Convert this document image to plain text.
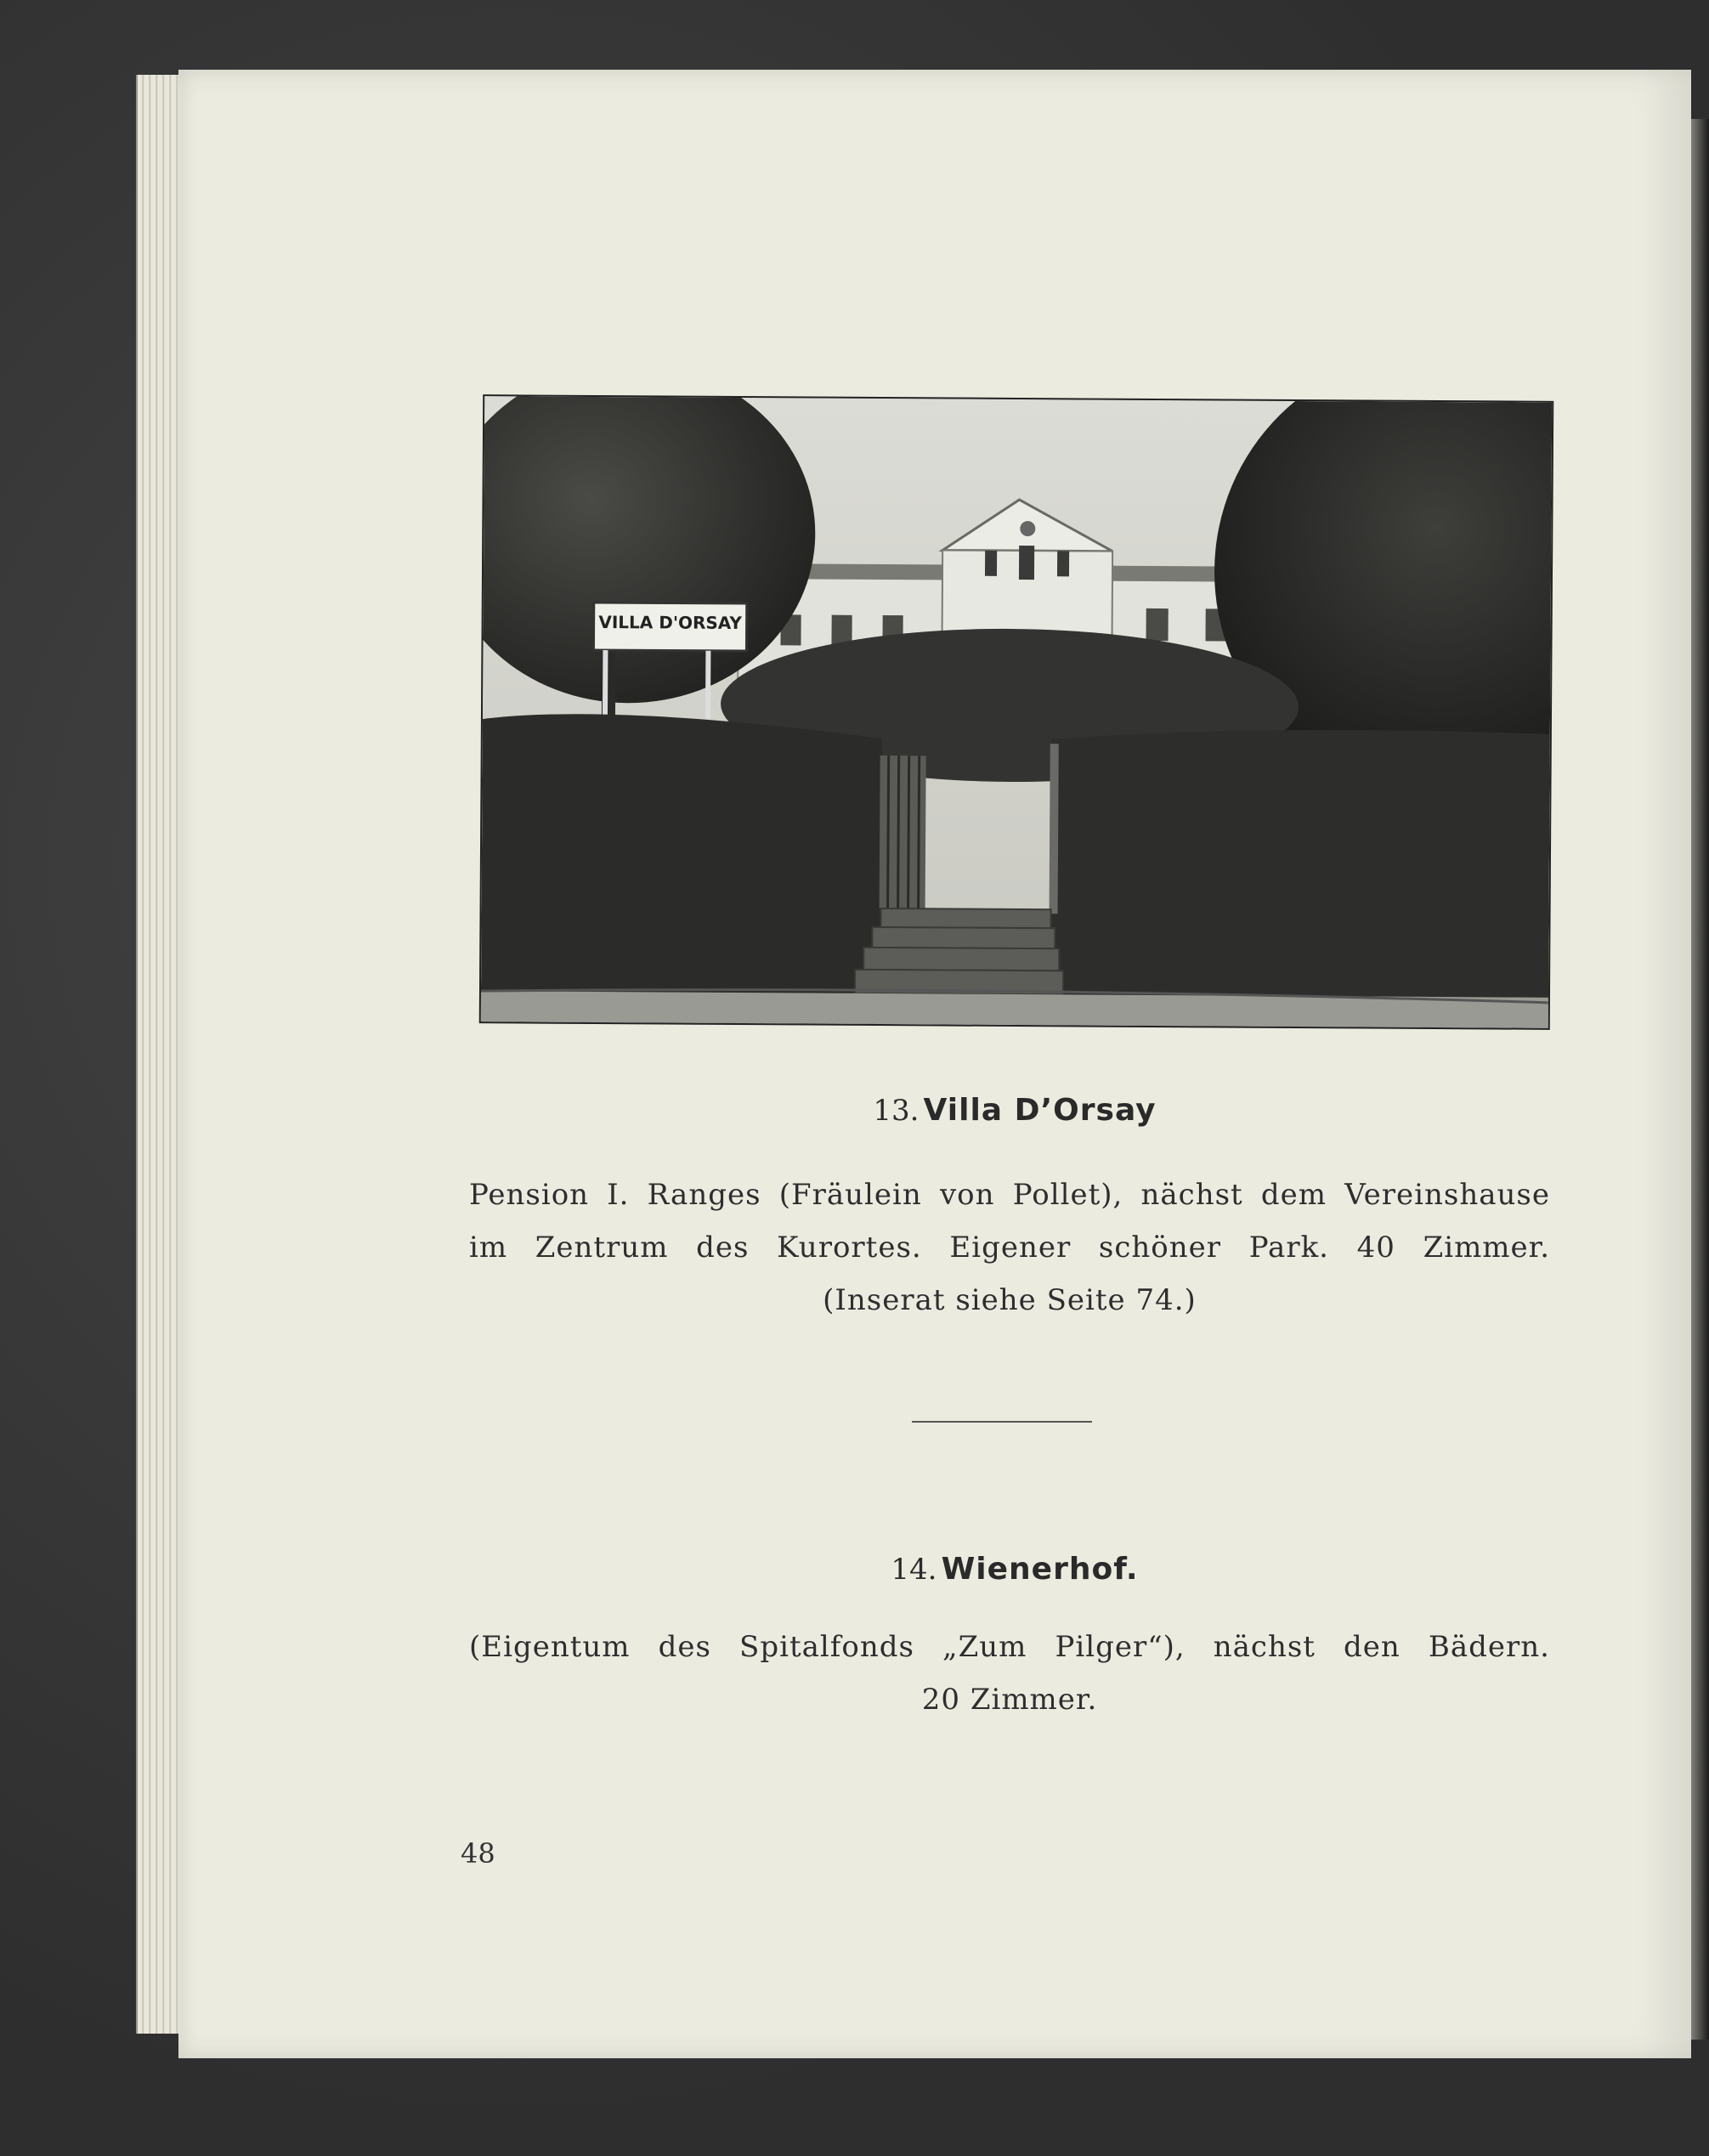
VILLA D'ORSAY
13. Villa D’Orsay
Pension I. Ranges (Fräulein von Pollet), nächst dem Vereinshause
im Zentrum des Kurortes. Eigener schöner Park. 40 Zimmer.
(Inserat siehe Seite 74.)
14. Wienerhof.
(Eigentum des Spitalfonds „Zum Pilger“), nächst den Bädern.
20 Zimmer.
48
